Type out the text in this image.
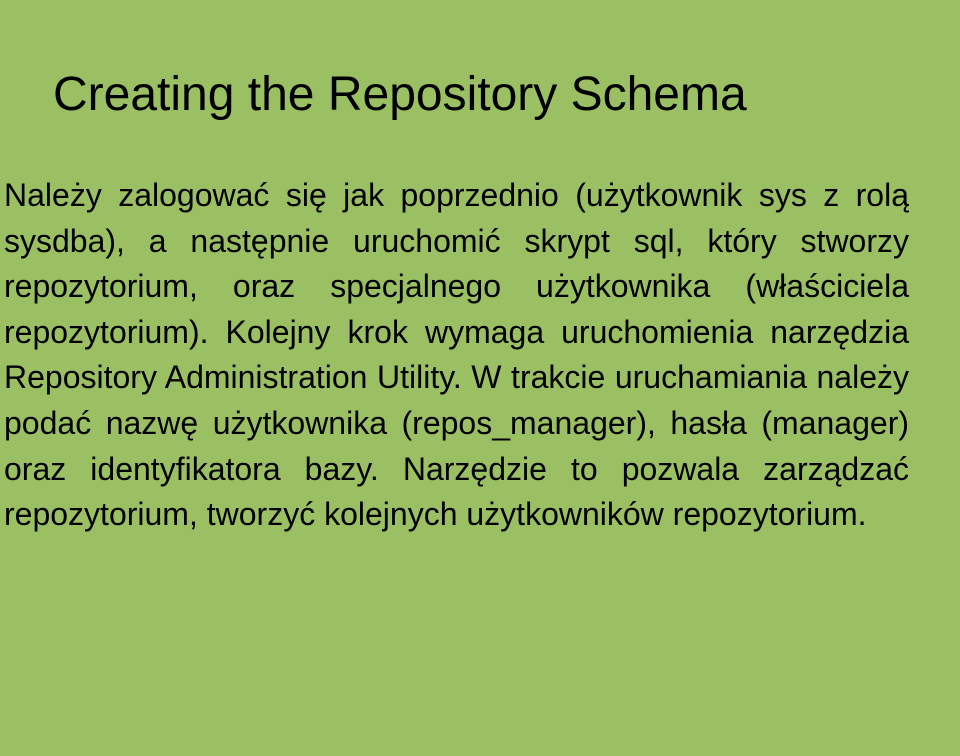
Creating the Repository Schema

Należy zalogować się jak poprzednio (użytkownik sys z rolą sysdba), a następnie uruchomić skrypt sql, który stworzy repozytorium, oraz specjalnego użytkownika (właściciela repozytorium). Kolejny krok wymaga uruchomienia narzędzia Repository Administration Utility. W trakcie uruchamiania należy podać nazwę użytkownika (repos_manager), hasła (manager) oraz identyfikatora bazy. Narzędzie to pozwala zarządzać repozytorium, tworzyć kolejnych użytkowników repozytorium.
